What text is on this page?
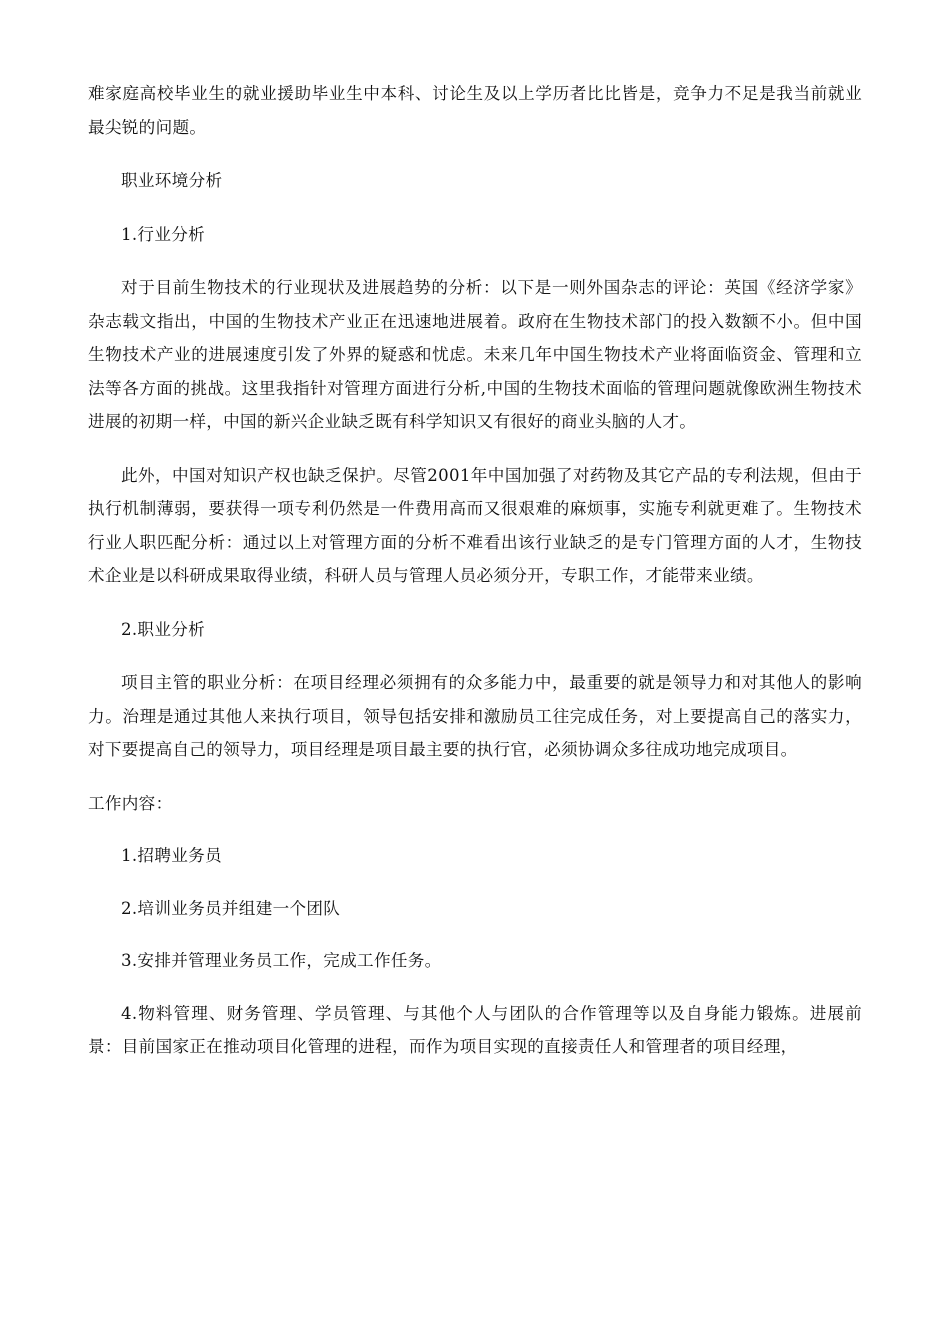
难家庭高校毕业生的就业援助毕业生中本科、讨论生及以上学历者比比皆是，竞争力不足是我当前就业最尖锐的问题。

职业环境分析

1.行业分析

对于目前生物技术的行业现状及进展趋势的分析：以下是一则外国杂志的评论：英国《经济学家》杂志载文指出，中国的生物技术产业正在迅速地进展着。政府在生物技术部门的投入数额不小。但中国生物技术产业的进展速度引发了外界的疑惑和忧虑。未来几年中国生物技术产业将面临资金、管理和立法等各方面的挑战。这里我指针对管理方面进行分析,中国的生物技术面临的管理问题就像欧洲生物技术进展的初期一样，中国的新兴企业缺乏既有科学知识又有很好的商业头脑的人才。

此外，中国对知识产权也缺乏保护。尽管2001年中国加强了对药物及其它产品的专利法规，但由于执行机制薄弱，要获得一项专利仍然是一件费用高而又很艰难的麻烦事，实施专利就更难了。生物技术行业人职匹配分析：通过以上对管理方面的分析不难看出该行业缺乏的是专门管理方面的人才，生物技术企业是以科研成果取得业绩，科研人员与管理人员必须分开，专职工作，才能带来业绩。

2.职业分析

项目主管的职业分析：在项目经理必须拥有的众多能力中，最重要的就是领导力和对其他人的影响力。治理是通过其他人来执行项目，领导包括安排和激励员工往完成任务，对上要提高自己的落实力，对下要提高自己的领导力，项目经理是项目最主要的执行官，必须协调众多往成功地完成项目。

工作内容：

1.招聘业务员

2.培训业务员并组建一个团队

3.安排并管理业务员工作，完成工作任务。

4.物料管理、财务管理、学员管理、与其他个人与团队的合作管理等以及自身能力锻炼。进展前景：目前国家正在推动项目化管理的进程，而作为项目实现的直接责任人和管理者的项目经理，
